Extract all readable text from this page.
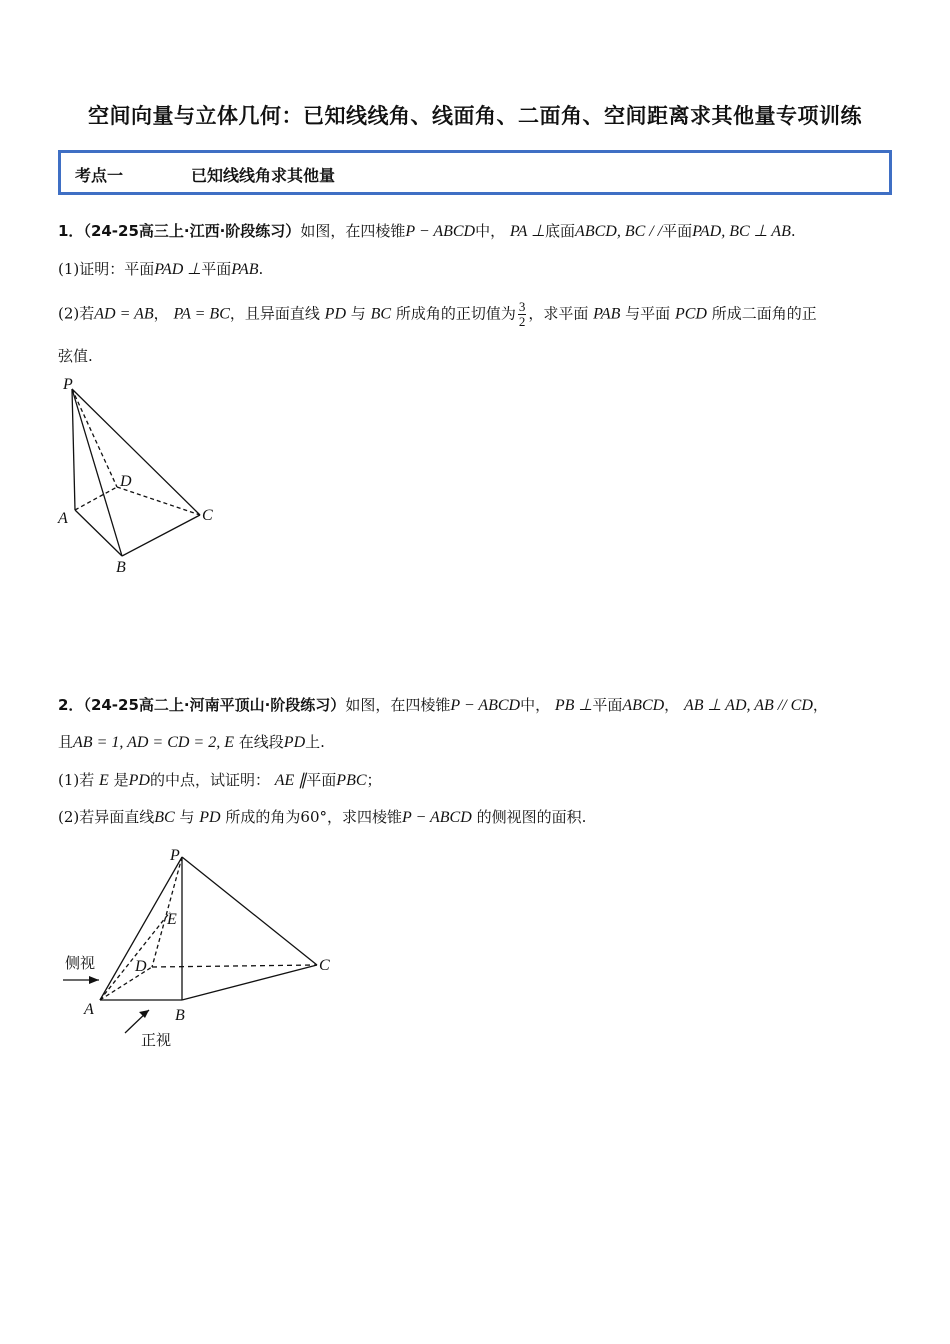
空间向量与立体几何：已知线线角、线面角、二面角、空间距离求其他量专项训练
考点一	已知线线角求其他量
1．（24-25高三上·江西·阶段练习）如图，在四棱锥P − ABCD中， PA ⊥底面ABCD, BC / /平面PAD, BC ⊥ AB.
(1)证明：平面PAD ⊥平面PAB.
(2)若AD = AB， PA = BC，且异面直线 PD 与 BC 所成角的正切值为 $\frac{3}{2}$ ，求平面 PAB 与平面 PCD 所成二面角的正
弦值.
P
A
B
C
D
2．（24-25高二上·河南平顶山·阶段练习）如图，在四棱锥P − ABCD中， PB ⊥平面ABCD， AB ⊥ AD, AB // CD，
且AB = 1, AD = CD = 2, E 在线段PD上.
(1)若 E 是PD的中点，试证明： AE ∥平面PBC；
(2)若异面直线BC 与 PD 所成的角为60°，求四棱锥P − ABCD 的侧视图的面积.
P
E
D	C
A	B
侧视
正视
